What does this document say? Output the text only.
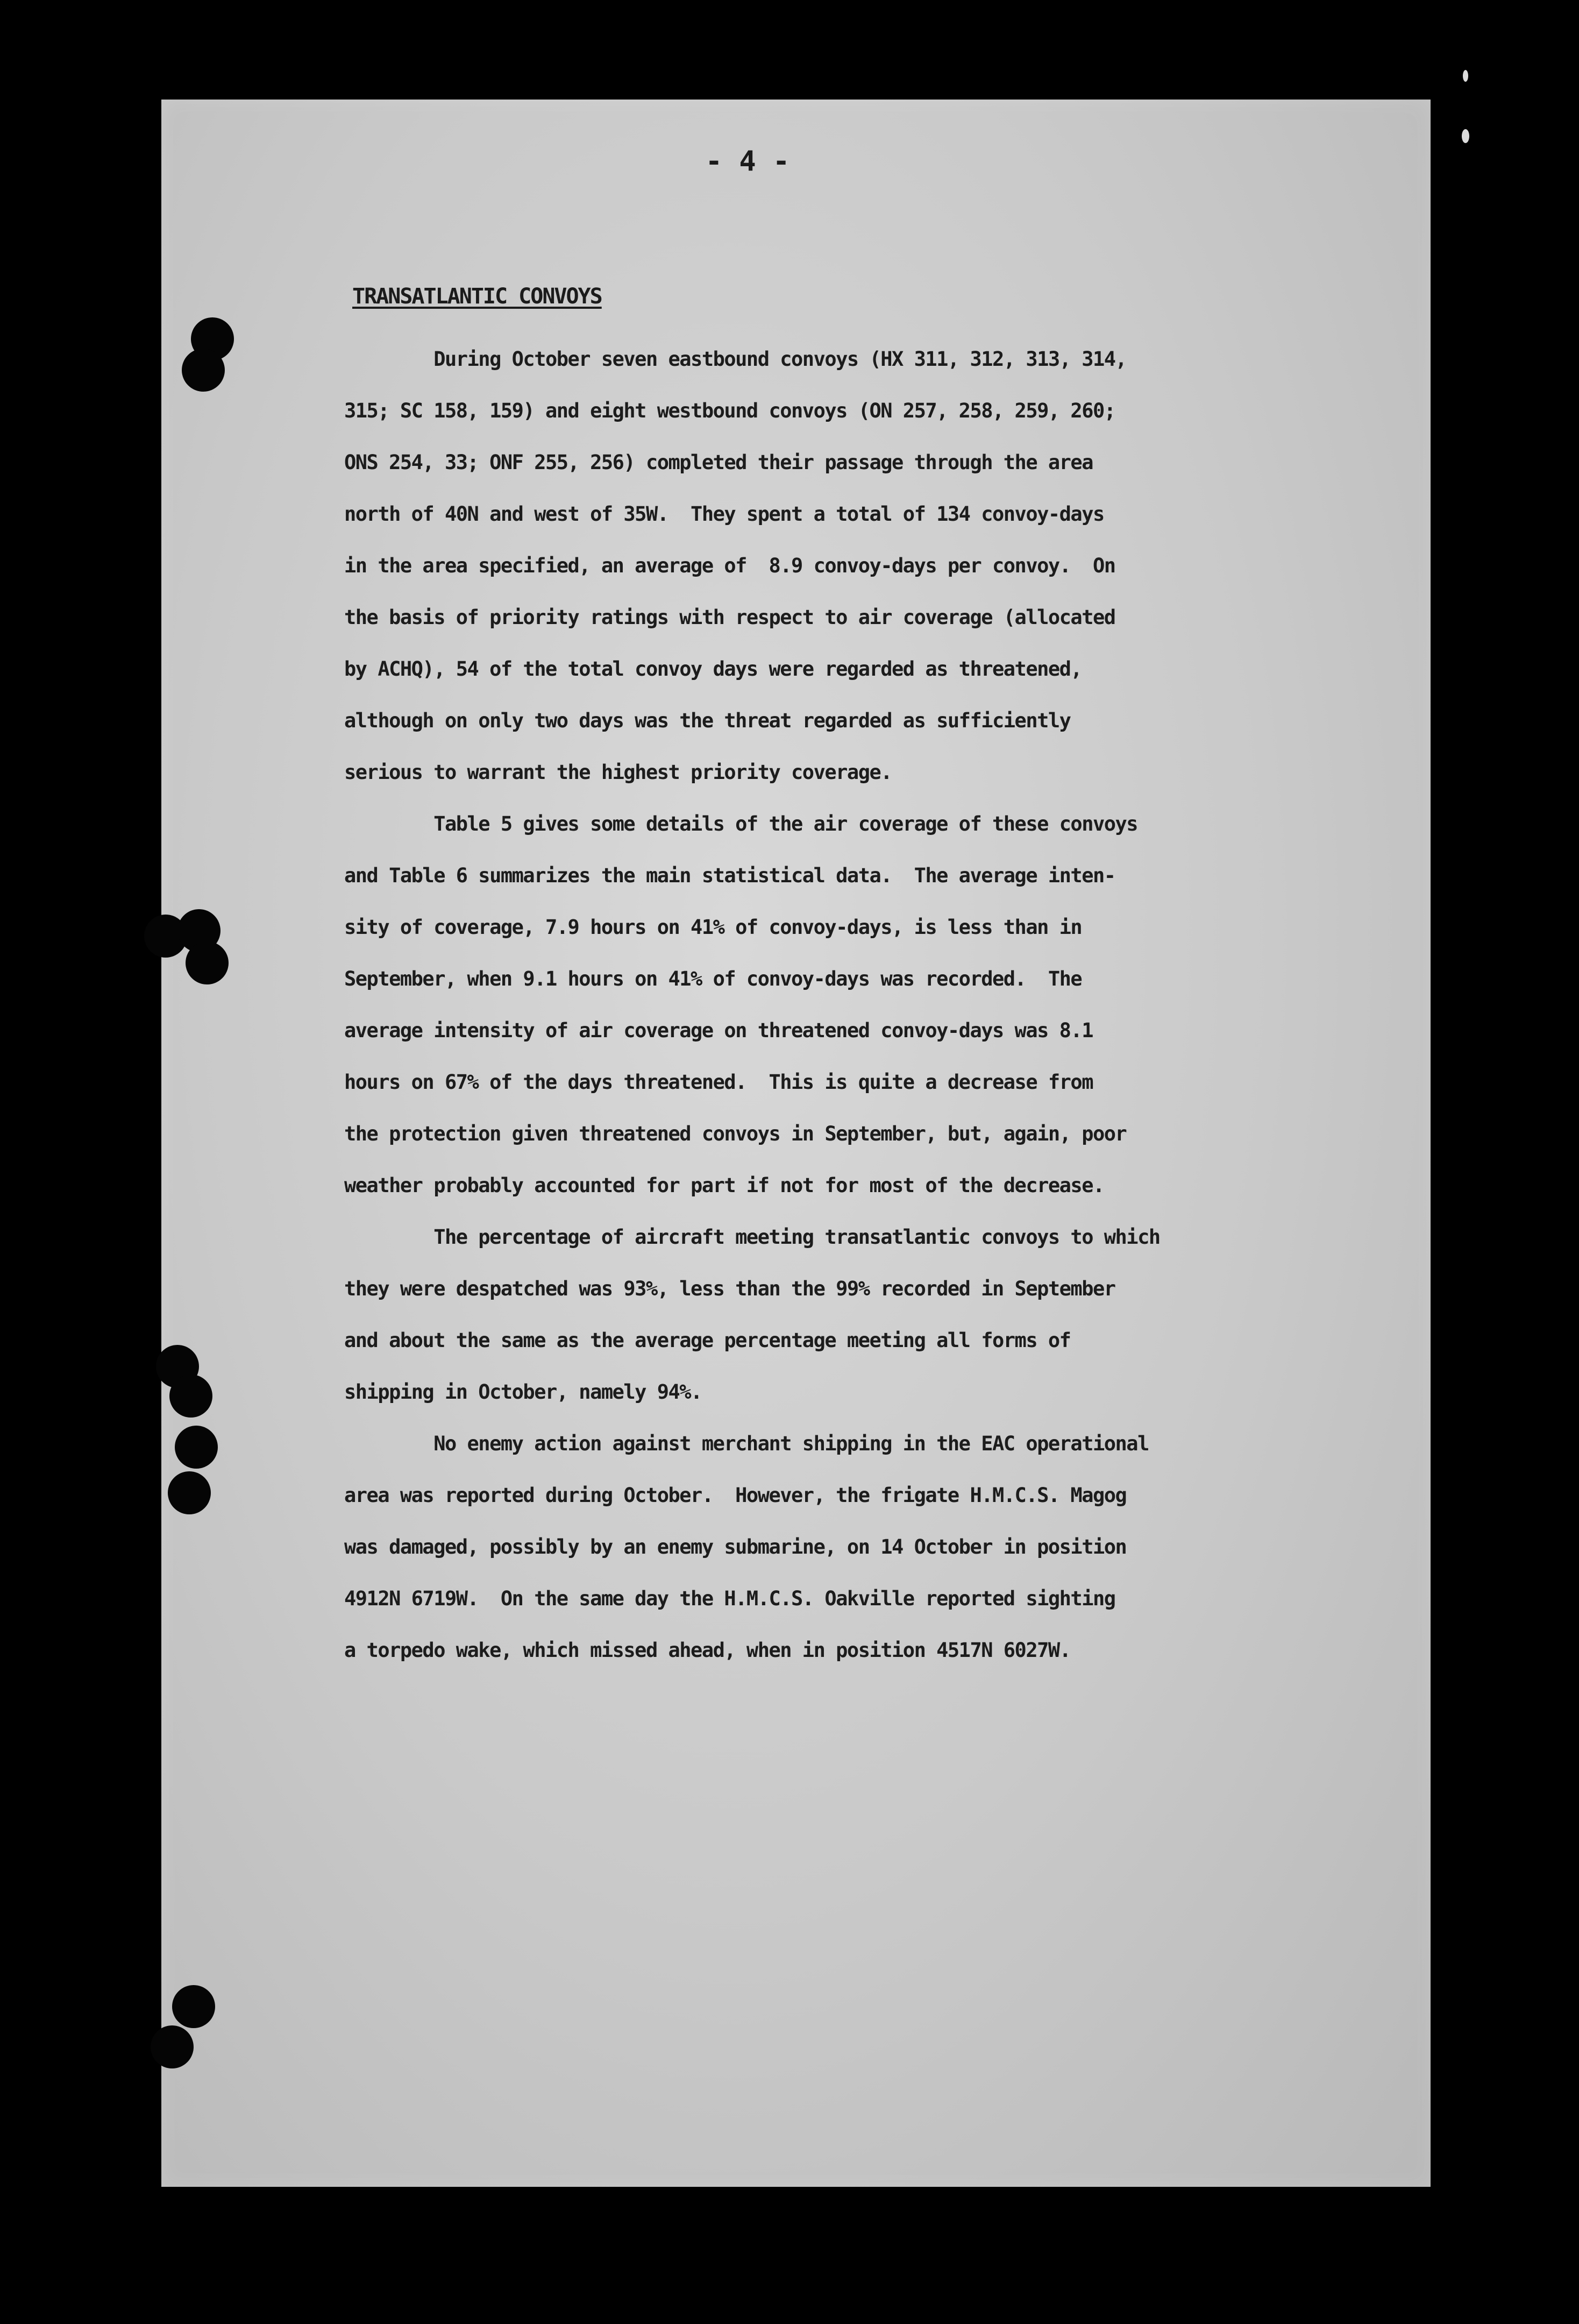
- 4 -
TRANSATLANTIC CONVOYS
During October seven eastbound convoys (HX 311, 312, 313, 314,
315; SC 158, 159) and eight westbound convoys (ON 257, 258, 259, 260;
ONS 254, 33; ONF 255, 256) completed their passage through the area
north of 40N and west of 35W.  They spent a total of 134 convoy-days
in the area specified, an average of  8.9 convoy-days per convoy.  On
the basis of priority ratings with respect to air coverage (allocated
by ACHQ), 54 of the total convoy days were regarded as threatened,
although on only two days was the threat regarded as sufficiently
serious to warrant the highest priority coverage.
Table 5 gives some details of the air coverage of these convoys
and Table 6 summarizes the main statistical data.  The average inten-
sity of coverage, 7.9 hours on 41% of convoy-days, is less than in
September, when 9.1 hours on 41% of convoy-days was recorded.  The
average intensity of air coverage on threatened convoy-days was 8.1
hours on 67% of the days threatened.  This is quite a decrease from
the protection given threatened convoys in September, but, again, poor
weather probably accounted for part if not for most of the decrease.
The percentage of aircraft meeting transatlantic convoys to which
they were despatched was 93%, less than the 99% recorded in September
and about the same as the average percentage meeting all forms of
shipping in October, namely 94%.
No enemy action against merchant shipping in the EAC operational
area was reported during October.  However, the frigate H.M.C.S. Magog
was damaged, possibly by an enemy submarine, on 14 October in position
4912N 6719W.  On the same day the H.M.C.S. Oakville reported sighting
a torpedo wake, which missed ahead, when in position 4517N 6027W.
